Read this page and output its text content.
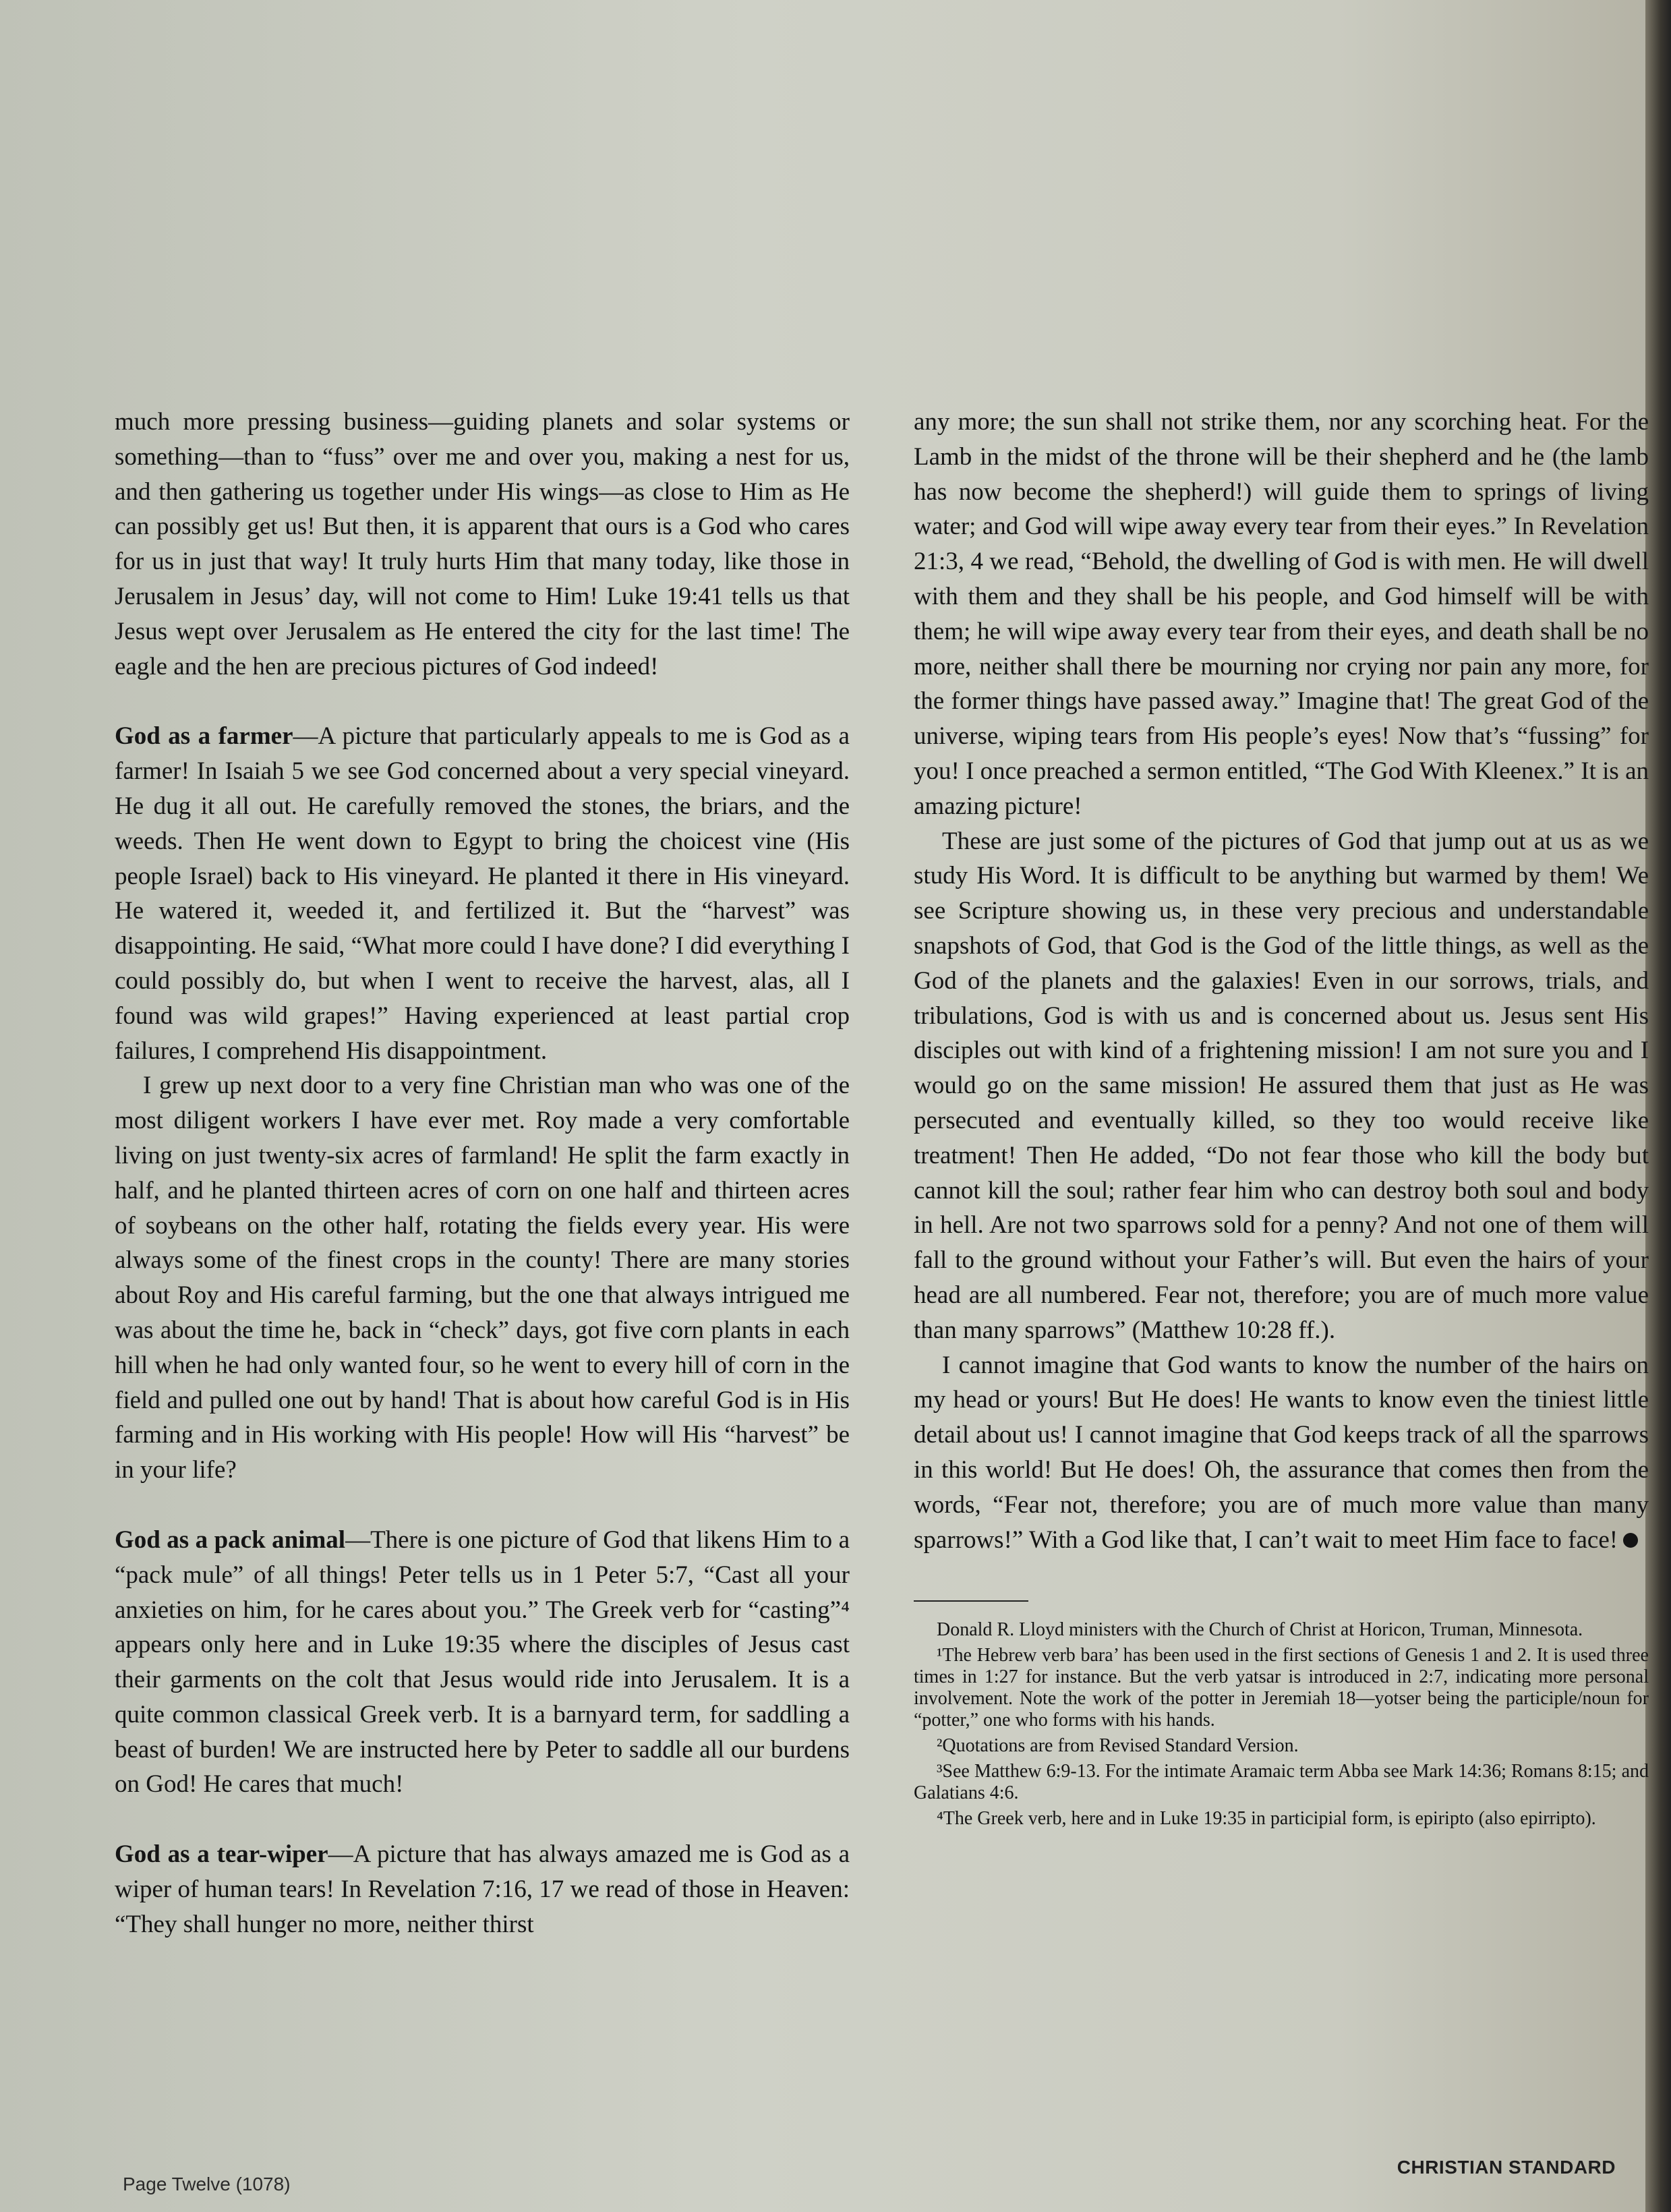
much more pressing business—guiding planets and solar systems or something—than to “fuss” over me and over you, making a nest for us, and then gathering us together under His wings—as close to Him as He can possibly get us! But then, it is apparent that ours is a God who cares for us in just that way! It truly hurts Him that many today, like those in Jerusalem in Jesus’ day, will not come to Him! Luke 19:41 tells us that Jesus wept over Jerusalem as He entered the city for the last time! The eagle and the hen are precious pictures of God indeed!

God as a farmer—A picture that particularly appeals to me is God as a farmer! In Isaiah 5 we see God concerned about a very special vineyard. He dug it all out. He carefully removed the stones, the briars, and the weeds. Then He went down to Egypt to bring the choicest vine (His people Israel) back to His vineyard. He planted it there in His vineyard. He watered it, weeded it, and fertilized it. But the “harvest” was disappointing. He said, “What more could I have done? I did everything I could possibly do, but when I went to receive the harvest, alas, all I found was wild grapes!” Having experienced at least partial crop failures, I comprehend His disappointment.

I grew up next door to a very fine Christian man who was one of the most diligent workers I have ever met. Roy made a very comfortable living on just twenty-six acres of farmland! He split the farm exactly in half, and he planted thirteen acres of corn on one half and thirteen acres of soybeans on the other half, rotating the fields every year. His were always some of the finest crops in the county! There are many stories about Roy and His careful farming, but the one that always intrigued me was about the time he, back in “check” days, got five corn plants in each hill when he had only wanted four, so he went to every hill of corn in the field and pulled one out by hand! That is about how careful God is in His farming and in His working with His people! How will His “harvest” be in your life?

God as a pack animal—There is one picture of God that likens Him to a “pack mule” of all things! Peter tells us in 1 Peter 5:7, “Cast all your anxieties on him, for he cares about you.” The Greek verb for “casting”⁴ appears only here and in Luke 19:35 where the disciples of Jesus cast their garments on the colt that Jesus would ride into Jerusalem. It is a quite common classical Greek verb. It is a barnyard term, for saddling a beast of burden! We are instructed here by Peter to saddle all our burdens on God! He cares that much!

God as a tear-wiper—A picture that has always amazed me is God as a wiper of human tears! In Revelation 7:16, 17 we read of those in Heaven: “They shall hunger no more, neither thirst

any more; the sun shall not strike them, nor any scorching heat. For the Lamb in the midst of the throne will be their shepherd and he (the lamb has now become the shepherd!) will guide them to springs of living water; and God will wipe away every tear from their eyes.” In Revelation 21:3, 4 we read, “Behold, the dwelling of God is with men. He will dwell with them and they shall be his people, and God himself will be with them; he will wipe away every tear from their eyes, and death shall be no more, neither shall there be mourning nor crying nor pain any more, for the former things have passed away.” Imagine that! The great God of the universe, wiping tears from His people’s eyes! Now that’s “fussing” for you! I once preached a sermon entitled, “The God With Kleenex.” It is an amazing picture!

These are just some of the pictures of God that jump out at us as we study His Word. It is difficult to be anything but warmed by them! We see Scripture showing us, in these very precious and understandable snapshots of God, that God is the God of the little things, as well as the God of the planets and the galaxies! Even in our sorrows, trials, and tribulations, God is with us and is concerned about us. Jesus sent His disciples out with kind of a frightening mission! I am not sure you and I would go on the same mission! He assured them that just as He was persecuted and eventually killed, so they too would receive like treatment! Then He added, “Do not fear those who kill the body but cannot kill the soul; rather fear him who can destroy both soul and body in hell. Are not two sparrows sold for a penny? And not one of them will fall to the ground without your Father’s will. But even the hairs of your head are all numbered. Fear not, therefore; you are of much more value than many sparrows” (Matthew 10:28 ff.).

I cannot imagine that God wants to know the number of the hairs on my head or yours! But He does! He wants to know even the tiniest little detail about us! I cannot imagine that God keeps track of all the sparrows in this world! But He does! Oh, the assurance that comes then from the words, “Fear not, therefore; you are of much more value than many sparrows!” With a God like that, I can’t wait to meet Him face to face!

Donald R. Lloyd ministers with the Church of Christ at Horicon, Truman, Minnesota.

¹The Hebrew verb bara’ has been used in the first sections of Genesis 1 and 2. It is used three times in 1:27 for instance. But the verb yatsar is introduced in 2:7, indicating more personal involvement. Note the work of the potter in Jeremiah 18—yotser being the participle/noun for “potter,” one who forms with his hands.

²Quotations are from Revised Standard Version.

³See Matthew 6:9-13. For the intimate Aramaic term Abba see Mark 14:36; Romans 8:15; and Galatians 4:6.

⁴The Greek verb, here and in Luke 19:35 in participial form, is epiripto (also epirripto).

Page Twelve (1078)
CHRISTIAN STANDARD
